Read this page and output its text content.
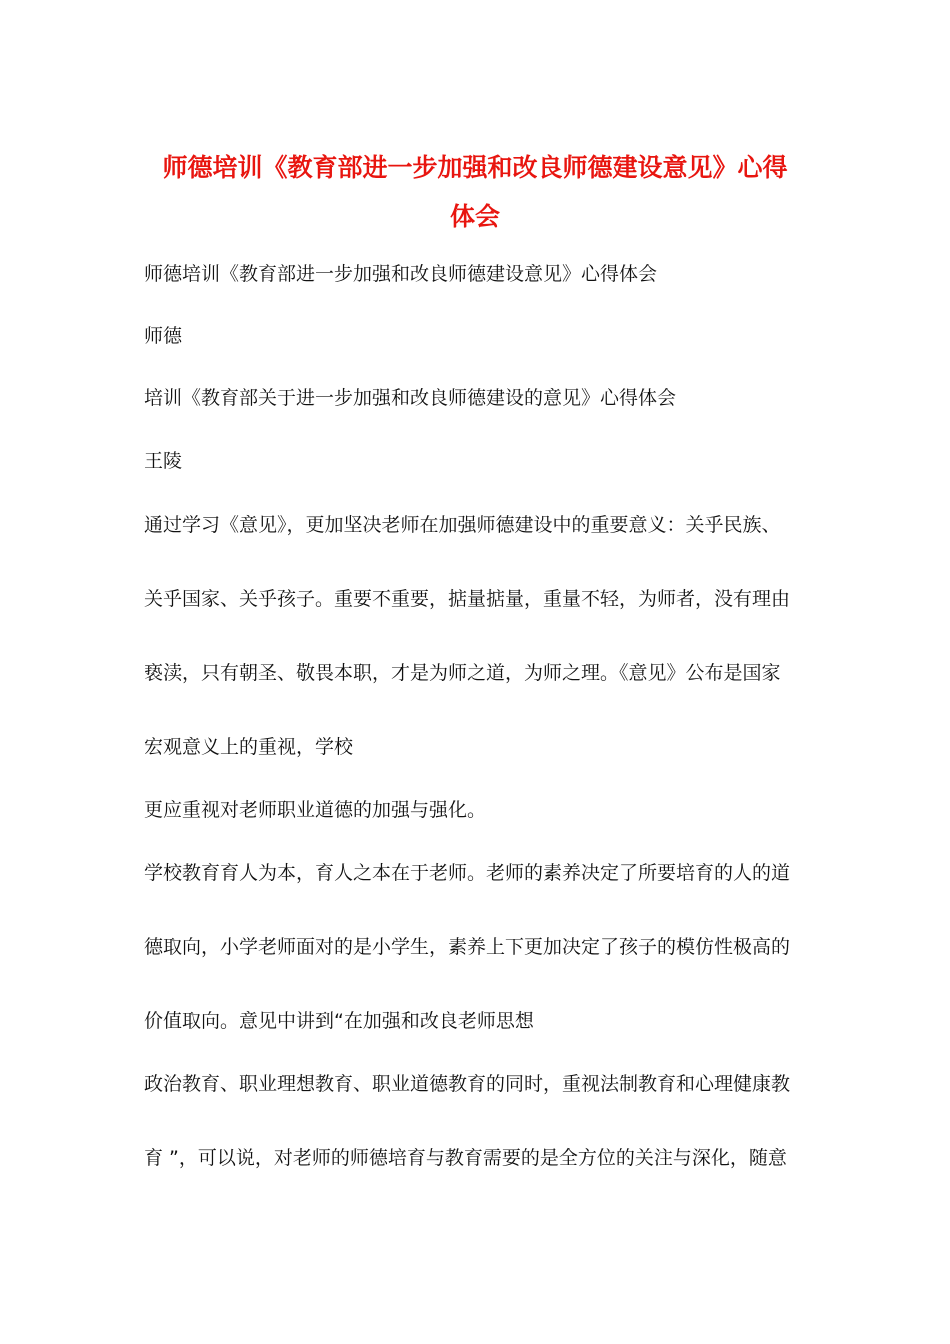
师德培训《教育部进一步加强和改良师德建设意见》心得
体会

师德培训《教育部进一步加强和改良师德建设意见》心得体会

师德

培训《教育部关于进一步加强和改良师德建设的意见》心得体会

王陵

通过学习《意见》，更加坚决老师在加强师德建设中的重要意义：关乎民族、

关乎国家、关乎孩子。重要不重要，掂量掂量，重量不轻，为师者，没有理由

亵渎，只有朝圣、敬畏本职，才是为师之道，为师之理。《意见》公布是国家

宏观意义上的重视，学校

更应重视对老师职业道德的加强与强化。

学校教育育人为本，育人之本在于老师。老师的素养决定了所要培育的人的道

德取向，小学老师面对的是小学生，素养上下更加决定了孩子的模仿性极高的

价值取向。意见中讲到“在加强和改良老师思想

政治教育、职业理想教育、职业道德教育的同时，重视法制教育和心理健康教

育 ”，可以说，对老师的师德培育与教育需要的是全方位的关注与深化，随意
